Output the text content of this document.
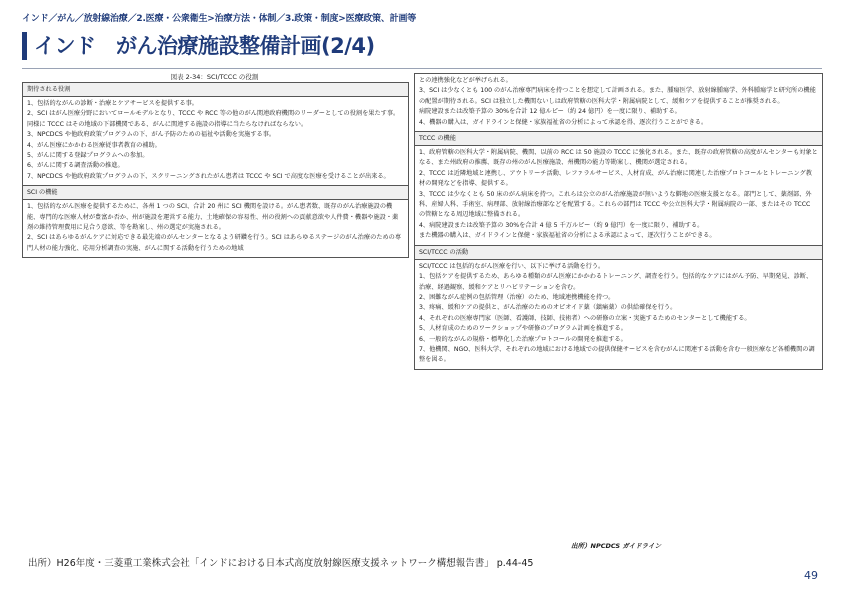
インド／がん／放射線治療／2.医療・公衆衛生>治療方法・体制／3.政策・制度>医療政策、計画等
インド　がん治療施設整備計画(2/4)
図表 2-34：SCI/TCCC の役割
期待される役割

1、包括的ながんの診断・治療とケアサービスを提供する事。

2、SCI はがん医療分野においてロールモデルとなり、TCCC や RCC 等の他のがん関連政府機関のリーダーとしての役割を果たす事。同様に TCCC はその地域の下部機関である、がんに関連する施設の指導に当たらなければならない。

3、NPCDCS や他政府政策プログラムの下、がん予防のための福祉や活動を実施する事。

4、がん医療にかかわる医療従事者教育の補助。

5、がんに関する登録プログラムへの参加。

6、がんに関する調査活動の推進。

7、NPCDCS や他政府政策プログラムの下、スクリーニングされたがん患者は TCCC や SCI で高度な医療を受けることが出来る。

SCI の機能

1、包括的ながん医療を提供するために、各州 1 つの SCI、合計 20 州に SCI 機関を設ける。がん患者数、既存のがん治療施設の機能、専門的な医療人材が豊富か否か、州が施設を運営する能力、土地確保の容易性、州の役割への貢献意欲や人件費・機器や施設・薬剤の維持管理費用に見合う意欲、等を勘案し、州の選定が実施される。

2、SCI はあらゆるがんケアに対応できる最先端のがんセンターとなるよう研鑽を行う。SCI はあらゆるステージのがん治療のための専門人材の能力強化、応用分析調査の実施、がんに関する活動を行うための地域

との連携強化などが挙げられる。

3、SCI は少なくとも 100 のがん治療専門病床を持つことを想定して計画される。また、腫瘍医学、放射線腫瘍学、外科腫瘍学と研究所の機能の配置が期待される。SCI は独立した機関ないしは政府管轄の医科大学・附属病院として、緩和ケアを提供することが推奨される。

病院建設または改築予算の 30%を合計 12 億ルピー（約 24 億円）を一度に限り、補助する。

4、機器の購入は、ガイドラインと保健・家族福祉省の分析によって承認を得、逐次行うことができる。

TCCC の機能

1、政府管轄の医科大学・附属病院、機関、以前の RCC は 50 施設の TCCC に強化される。また、既存の政府管轄の高度がんセンターも対象となる、また州政府の推薦、既存の州のがん医療施設、州機関の能力等勘案し、機関が選定される。

2、TCCC は近隣地域と連携し、アウトリーチ活動、レファラルサービス、人材育成、がん治療に関連した治療プロトコールとトレーニング教材の開発などを指導、提供する。

3、TCCC は少なくとも 50 床のがん病床を持つ。これらは公立のがん治療施設が無いような僻地の医療支援となる。部門として、薬剤部、外科、産婦人科、手術室、病理部、放射線治療部などを配置する。これらの部門は TCCC や公立医科大学・附属病院の一部、またはその TCCC の管轄となる周辺地域に整備される。

4、病院建設または改築予算の 30%を合計 4 億 5 千万ルピー（約 9 億円）を一度に限り、補助する。

また機器の購入は、ガイドラインと保健・家族福祉省の分析による承認によって、逐次行うことができる。

SCI/TCCC の活動

SCI/TCCC は包括的ながん医療を行い、以下に挙げる活動を行う。

1、包括ケアを提供するため、あらゆる種類のがん医療にかかわるトレーニング、調査を行う。包括的なケアにはがん予防、早期発見、診断、治療、経過観察、緩和ケアとリハビリテーションを含む。

2、困難ながん症例の包括管理（治療）のため、地域連携機能を持つ。

3、疼痛、緩和ケアの提供と、がん治療のためのオピオイド薬（鎮痛薬）の供給確保を行う。

4、それぞれの医療専門家（医師、看護師、技師、技術者）への研修の立案・実施するためのセンターとして機能する。

5、人材育成のためのワークショップや研修のプログラム計画を推進する。

6、一般的ながんの規格・標準化した治療プロトコールの開発を推進する。

7、他機関、NGO、医科大学、それぞれの地域における地域での提供保健サービスを含むがんに関連する活動を含む一般医療など各種機関の調整を図る。

出所）NPCDCS ガイドライン
出所）H26年度・三菱重工業株式会社「インドにおける日本式高度放射線医療支援ネットワーク構想報告書」 p.44-45
49
